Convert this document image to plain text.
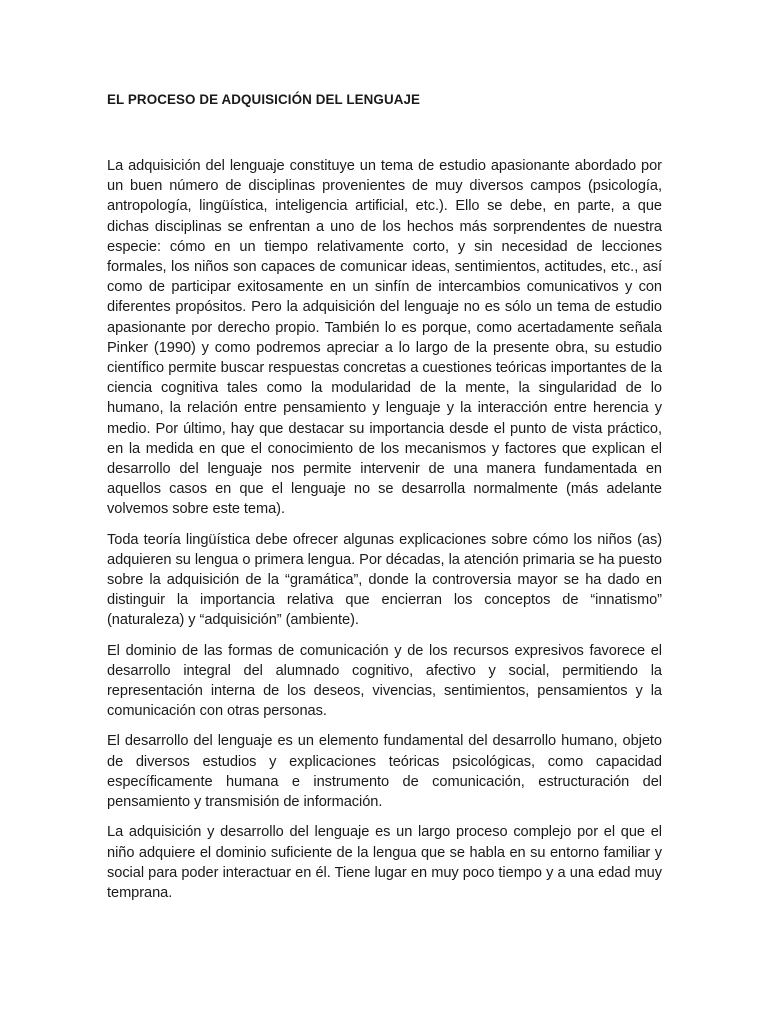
EL PROCESO DE ADQUISICIÓN DEL LENGUAJE

La adquisición del lenguaje constituye un tema de estudio apasionante abordado por un buen número de disciplinas provenientes de muy diversos campos (psicología, antropología, lingüística, inteligencia artificial, etc.). Ello se debe, en parte, a que dichas disciplinas se enfrentan a uno de los hechos más sorprendentes de nuestra especie: cómo en un tiempo relativamente corto, y sin necesidad de lecciones formales, los niños son capaces de comunicar ideas, sentimientos, actitudes, etc., así como de participar exitosamente en un sinfín de intercambios comunicativos y con diferentes propósitos. Pero la adquisición del lenguaje no es sólo un tema de estudio apasionante por derecho propio. También lo es porque, como acertadamente señala Pinker (1990) y como podremos apreciar a lo largo de la presente obra, su estudio científico permite buscar respuestas concretas a cuestiones teóricas importantes de la ciencia cognitiva tales como la modularidad de la mente, la singularidad de lo humano, la relación entre pensamiento y lenguaje y la interacción entre herencia y medio. Por último, hay que destacar su importancia desde el punto de vista práctico, en la medida en que el conocimiento de los mecanismos y factores que explican el desarrollo del lenguaje nos permite intervenir de una manera fundamentada en aquellos casos en que el lenguaje no se desarrolla normalmente (más adelante volvemos sobre este tema).

Toda teoría lingüística debe ofrecer algunas explicaciones sobre cómo los niños (as) adquieren su lengua o primera lengua. Por décadas, la atención primaria se ha puesto sobre la adquisición de la “gramática”, donde la controversia mayor se ha dado en distinguir la importancia relativa que encierran los conceptos de “innatismo” (naturaleza) y “adquisición” (ambiente).

El dominio de las formas de comunicación y de los recursos expresivos favorece el desarrollo integral del alumnado cognitivo, afectivo y social, permitiendo la representación interna de los deseos, vivencias, sentimientos, pensamientos y la comunicación con otras personas.

El desarrollo del lenguaje es un elemento fundamental del desarrollo humano, objeto de diversos estudios y explicaciones teóricas psicológicas, como capacidad específicamente humana e instrumento de comunicación, estructuración del pensamiento y transmisión de información.

La adquisición y desarrollo del lenguaje es un largo proceso complejo por el que el niño adquiere el dominio suficiente de la lengua que se habla en su entorno familiar y social para poder interactuar en él. Tiene lugar en muy poco tiempo y a una edad muy temprana.
